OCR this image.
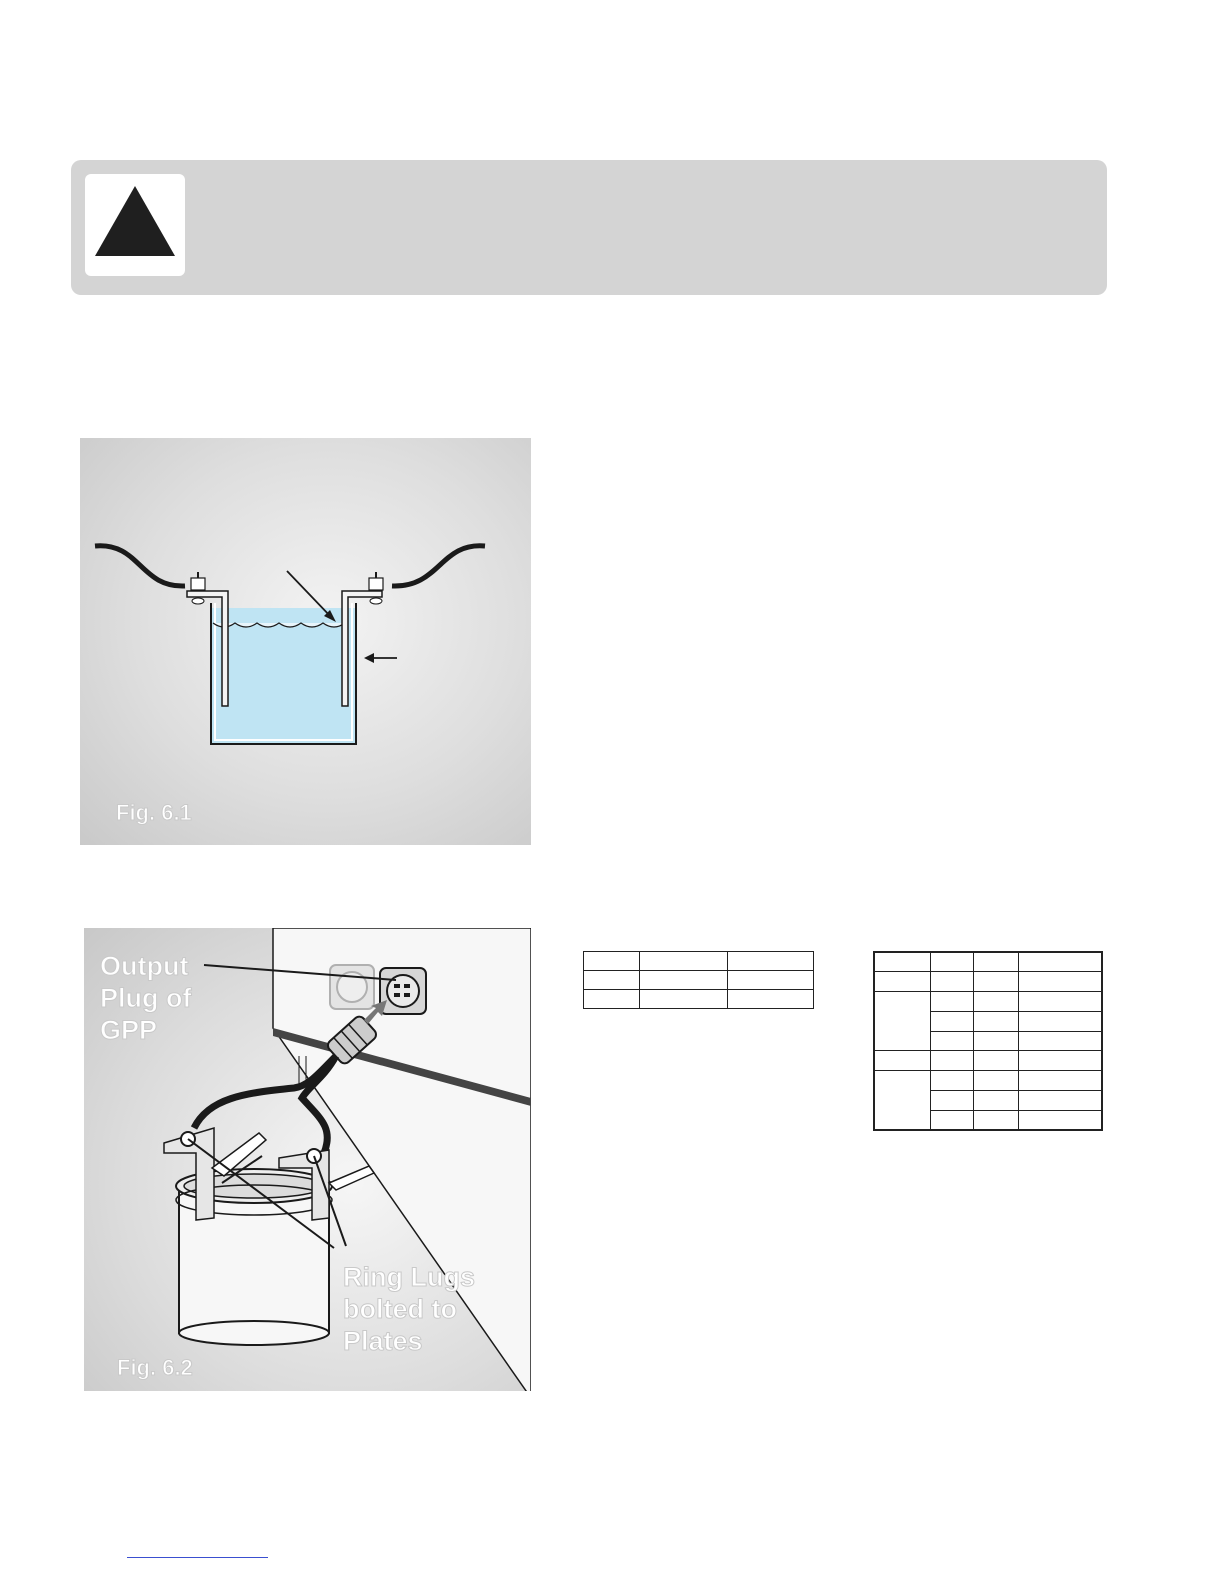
Fig. 6.1
Output
Plug of
GPP
Ring Lugs
bolted to
Plates
Fig. 6.2
